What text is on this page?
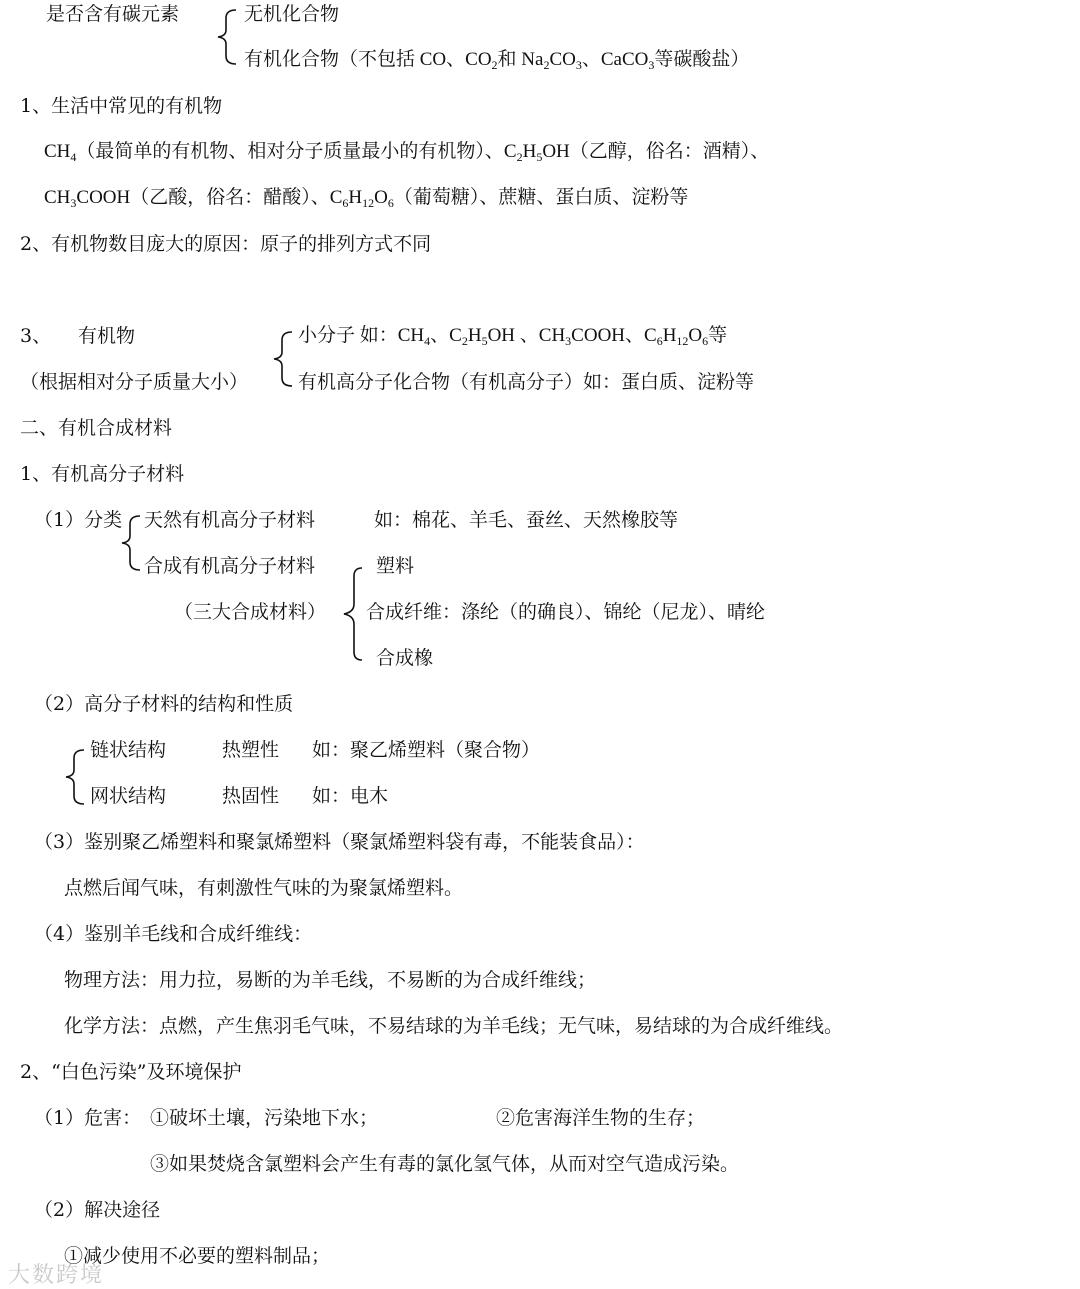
是否含有碳元素	无机化合物
有机化合物（不包括 CO、$CO_2$和 $Na_2CO_3$、CaCO$_3$等碳酸盐）
1、生活中常见的有机物
$CH_4$（最简单的有机物、相对分子质量最小的有机物）、$C_2H_5OH$（乙醇，俗名：酒精）、
$CH_3COOH$（乙酸，俗名：醋酸）、$C_6H_{12}O_6$（葡萄糖）、蔗糖、蛋白质、淀粉等
2、有机物数目庞大的原因：原子的排列方式不同
3、 有机物
（根据相对分子质量大小）
小分子 如：$CH_4$、$C_2H_5OH$ 、$CH_3COOH$、$C_6H_{12}O_6$等
有机高分子化合物（有机高分子）如：蛋白质、淀粉等
二、有机合成材料
1、有机高分子材料
（1）分类 天然有机高分子材料	如：棉花、羊毛、蚕丝、天然橡胶等
合成有机高分子材料
（三大合成材料）
塑料
合成纤维：涤纶（的确良）、锦纶（尼龙）、晴纶
合成橡
（2）高分子材料的结构和性质
链状结构	热塑性 如：聚乙烯塑料（聚合物）
网状结构	热固性 如：电木
（3）鉴别聚乙烯塑料和聚氯烯塑料（聚氯烯塑料袋有毒，不能装食品）：
点燃后闻气味，有刺激性气味的为聚氯烯塑料。
（4）鉴别羊毛线和合成纤维线：
物理方法：用力拉，易断的为羊毛线，不易断的为合成纤维线；
化学方法：点燃，产生焦羽毛气味，不易结球的为羊毛线；无气味，易结球的为合成纤维线。
2、“白色污染”及环境保护
（1）危害： ①破坏土壤，污染地下水；	②危害海洋生物的生存；
③如果焚烧含氯塑料会产生有毒的氯化氢气体，从而对空气造成污染。
（2）解决途径
①减少使用不必要的塑料制品；
大数跨境
